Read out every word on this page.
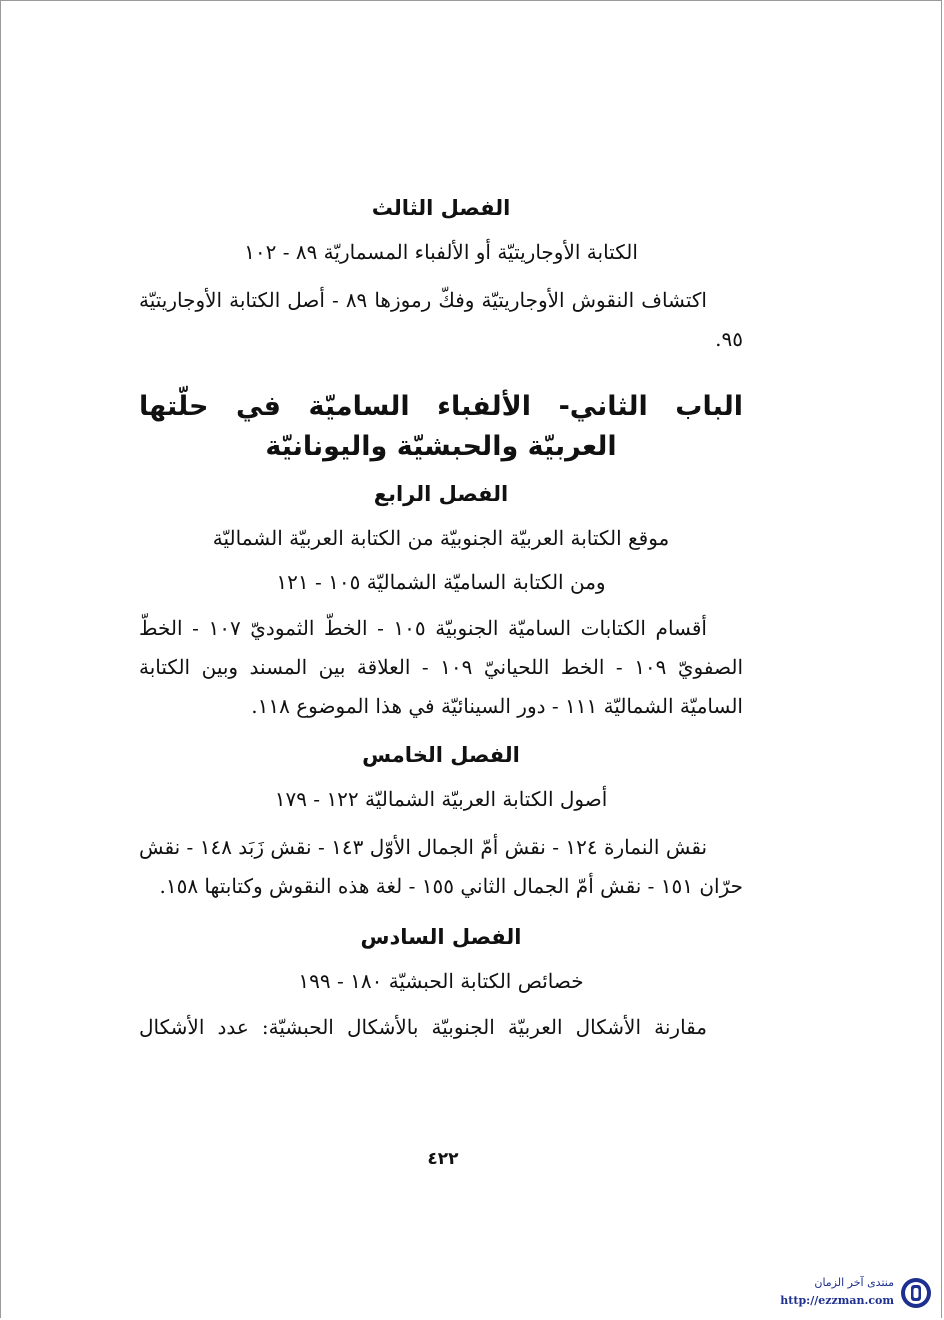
الفصل الثالث
الكتابة الأوجاريتيّة أو الألفباء المسماريّة ٨٩ - ١٠٢
اكتشاف النقوش الأوجاريتيّة وفكّ رموزها ٨٩ - أصل الكتابة الأوجاريتيّة ٩٥.
الباب الثاني- الألفباء الساميّة في حلّتها العربيّة والحبشيّة واليونانيّة
الفصل الرابع
موقع الكتابة العربيّة الجنوبيّة من الكتابة العربيّة الشماليّة
ومن الكتابة الساميّة الشماليّة ١٠٥ - ١٢١
أقسام الكتابات الساميّة الجنوبيّة ١٠٥ - الخطّ الثموديّ ١٠٧ - الخطّ الصفويّ ١٠٩ - الخط اللحيانيّ ١٠٩ - العلاقة بين المسند وبين الكتابة الساميّة الشماليّة ١١١ - دور السينائيّة في هذا الموضوع ١١٨.
الفصل الخامس
أصول الكتابة العربيّة الشماليّة ١٢٢ - ١٧٩
نقش النمارة ١٢٤ - نقش أمّ الجمال الأوّل ١٤٣ - نقش زَبَد ١٤٨ - نقش حرّان ١٥١ - نقش أمّ الجمال الثاني ١٥٥ - لغة هذه النقوش وكتابتها ١٥٨.
الفصل السادس
خصائص الكتابة الحبشيّة ١٨٠ - ١٩٩
مقارنة الأشكال العربيّة الجنوبيّة بالأشكال الحبشيّة: عدد الأشكال
٤٢٢
منتدى آخر الزمان
http://ezzman.com
